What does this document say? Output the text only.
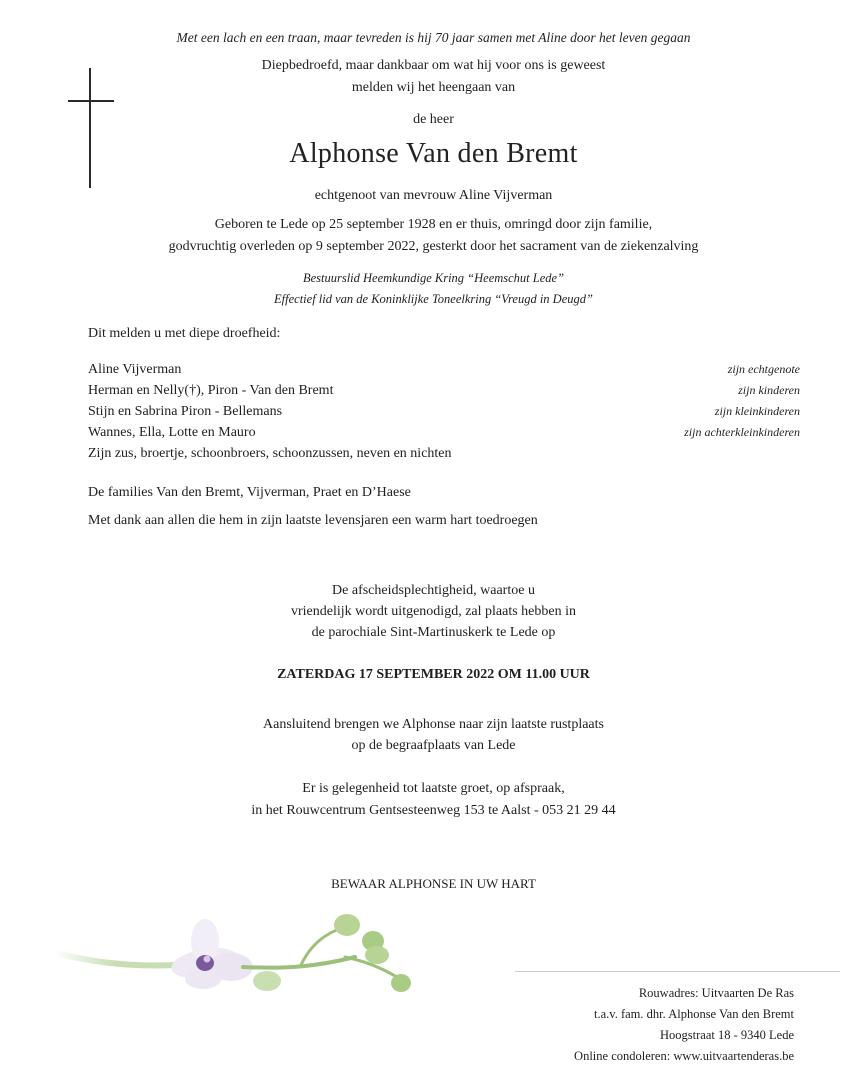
Met een lach en een traan, maar tevreden is hij 70 jaar samen met Aline door het leven gegaan
Diepbedroefd, maar dankbaar om wat hij voor ons is geweest
melden wij het heengaan van
de heer
Alphonse Van den Bremt
echtgenoot van mevrouw Aline Vijverman
Geboren te Lede op 25 september 1928 en er thuis, omringd door zijn familie,
godvruchtig overleden op 9 september 2022, gesterkt door het sacrament van de ziekenzalving
Bestuurslid Heemkundige Kring “Heemschut Lede”
Effectief lid van de Koninklijke Toneelkring “Vreugd in Deugd”
Dit melden u met diepe droefheid:
Aline Vijverman	zijn echtgenote
Herman en Nelly(†), Piron - Van den Bremt	zijn kinderen
Stijn en Sabrina Piron - Bellemans	zijn kleinkinderen
Wannes, Ella, Lotte en Mauro	zijn achterkleinkinderen
Zijn zus, broertje, schoonbroers, schoonzussen, neven en nichten
De families Van den Bremt, Vijverman, Praet en D’Haese
Met dank aan allen die hem in zijn laatste levensjaren een warm hart toedroegen
De afscheidsplechtigheid, waartoe u
vriendelijk wordt uitgenodigd, zal plaats hebben in
de parochiale Sint-Martinuskerk te Lede op
ZATERDAG 17 SEPTEMBER 2022 OM 11.00 UUR
Aansluitend brengen we Alphonse naar zijn laatste rustplaats
op de begraafplaats van Lede
Er is gelegenheid tot laatste groet, op afspraak,
in het Rouwcentrum Gentsesteenweg 153 te Aalst - 053 21 29 44
BEWAAR ALPHONSE IN UW HART
Rouwadres: Uitvaarten De Ras
t.a.v. fam. dhr. Alphonse Van den Bremt
Hoogstraat 18 - 9340 Lede
Online condoleren: www.uitvaartenderas.be
